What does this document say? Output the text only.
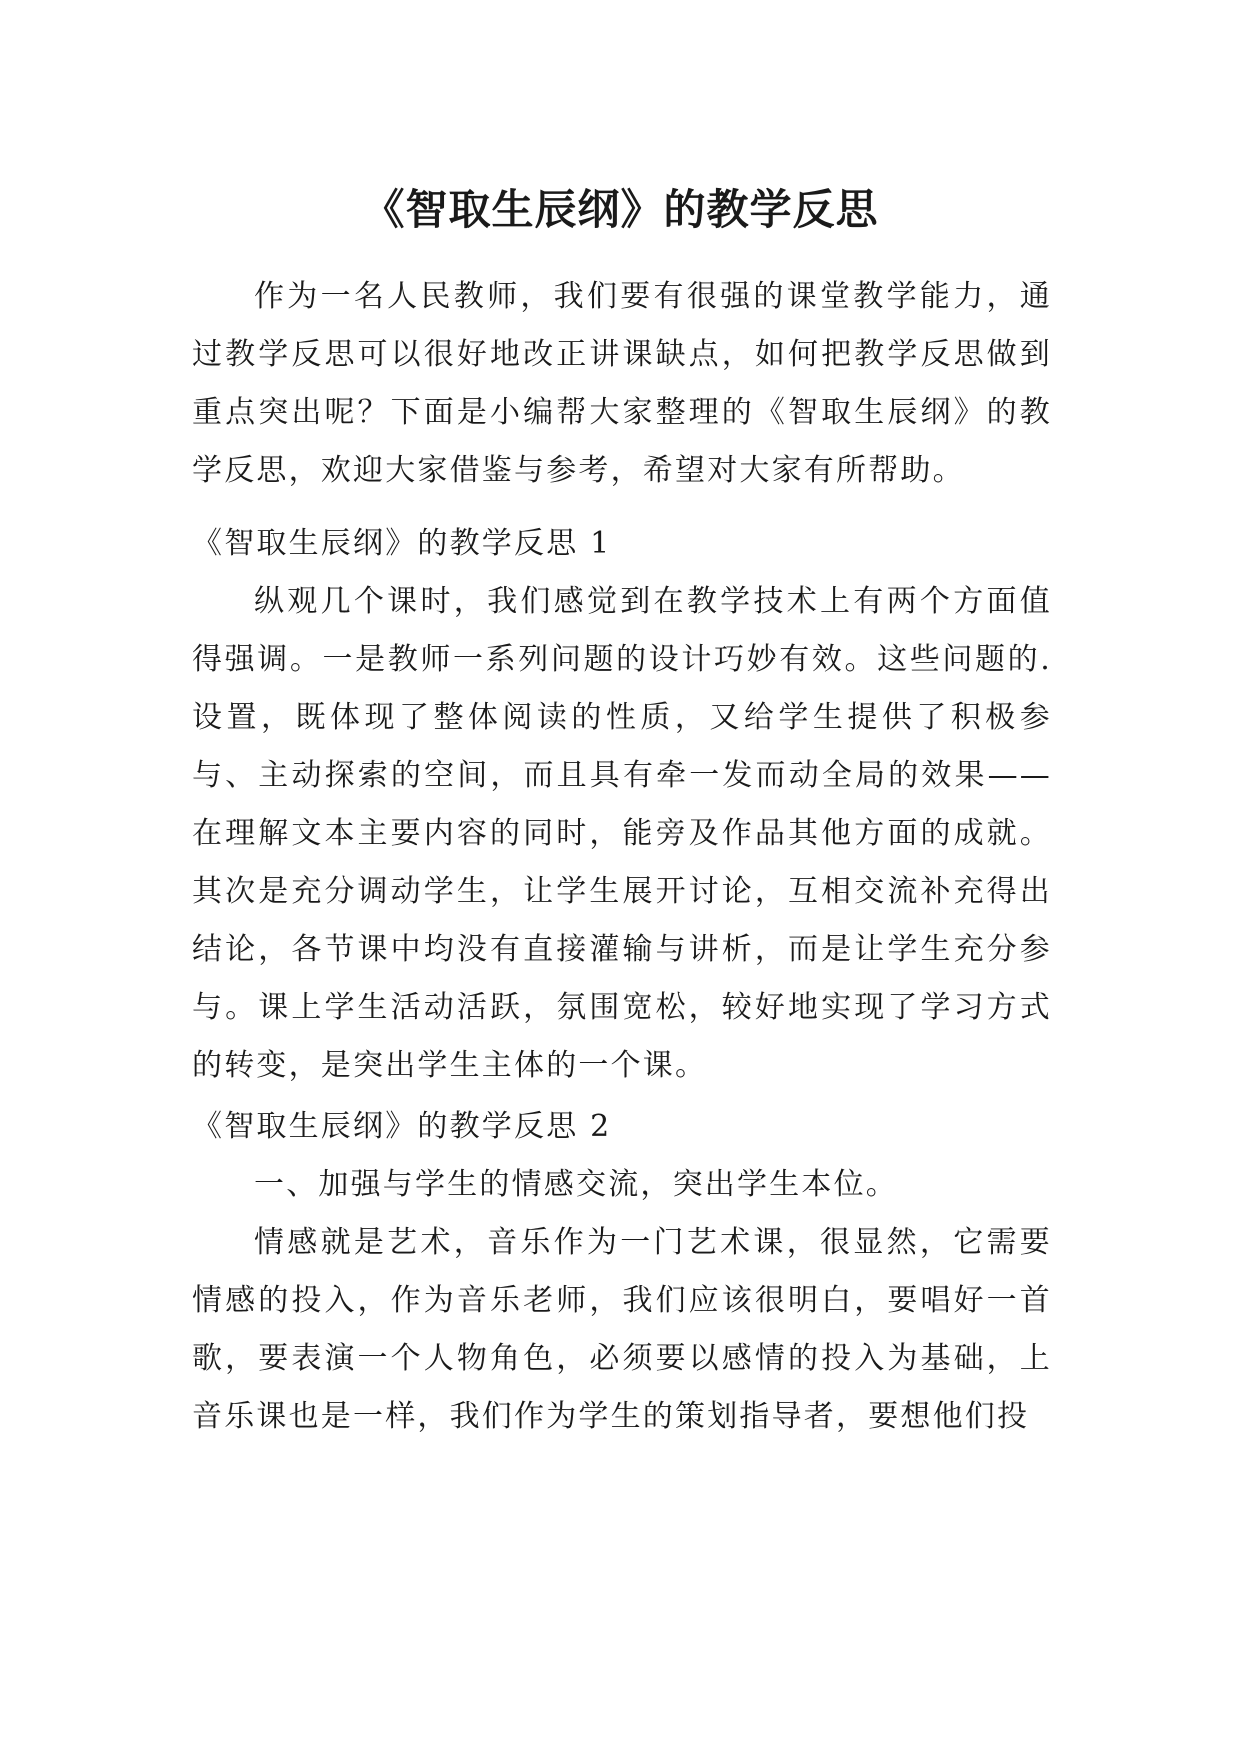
《智取生辰纲》的教学反思

作为一名人民教师，我们要有很强的课堂教学能力，通过教学反思可以很好地改正讲课缺点，如何把教学反思做到重点突出呢？下面是小编帮大家整理的《智取生辰纲》的教学反思，欢迎大家借鉴与参考，希望对大家有所帮助。

《智取生辰纲》的教学反思 1

纵观几个课时，我们感觉到在教学技术上有两个方面值得强调。一是教师一系列问题的设计巧妙有效。这些问题的.设置，既体现了整体阅读的性质，又给学生提供了积极参与、主动探索的空间，而且具有牵一发而动全局的效果——在理解文本主要内容的同时，能旁及作品其他方面的成就。其次是充分调动学生，让学生展开讨论，互相交流补充得出结论，各节课中均没有直接灌输与讲析，而是让学生充分参与。课上学生活动活跃，氛围宽松，较好地实现了学习方式的转变，是突出学生主体的一个课。

《智取生辰纲》的教学反思 2

一、加强与学生的情感交流，突出学生本位。

情感就是艺术，音乐作为一门艺术课，很显然，它需要情感的投入，作为音乐老师，我们应该很明白，要唱好一首歌，要表演一个人物角色，必须要以感情的投入为基础，上音乐课也是一样，我们作为学生的策划指导者，要想他们投
